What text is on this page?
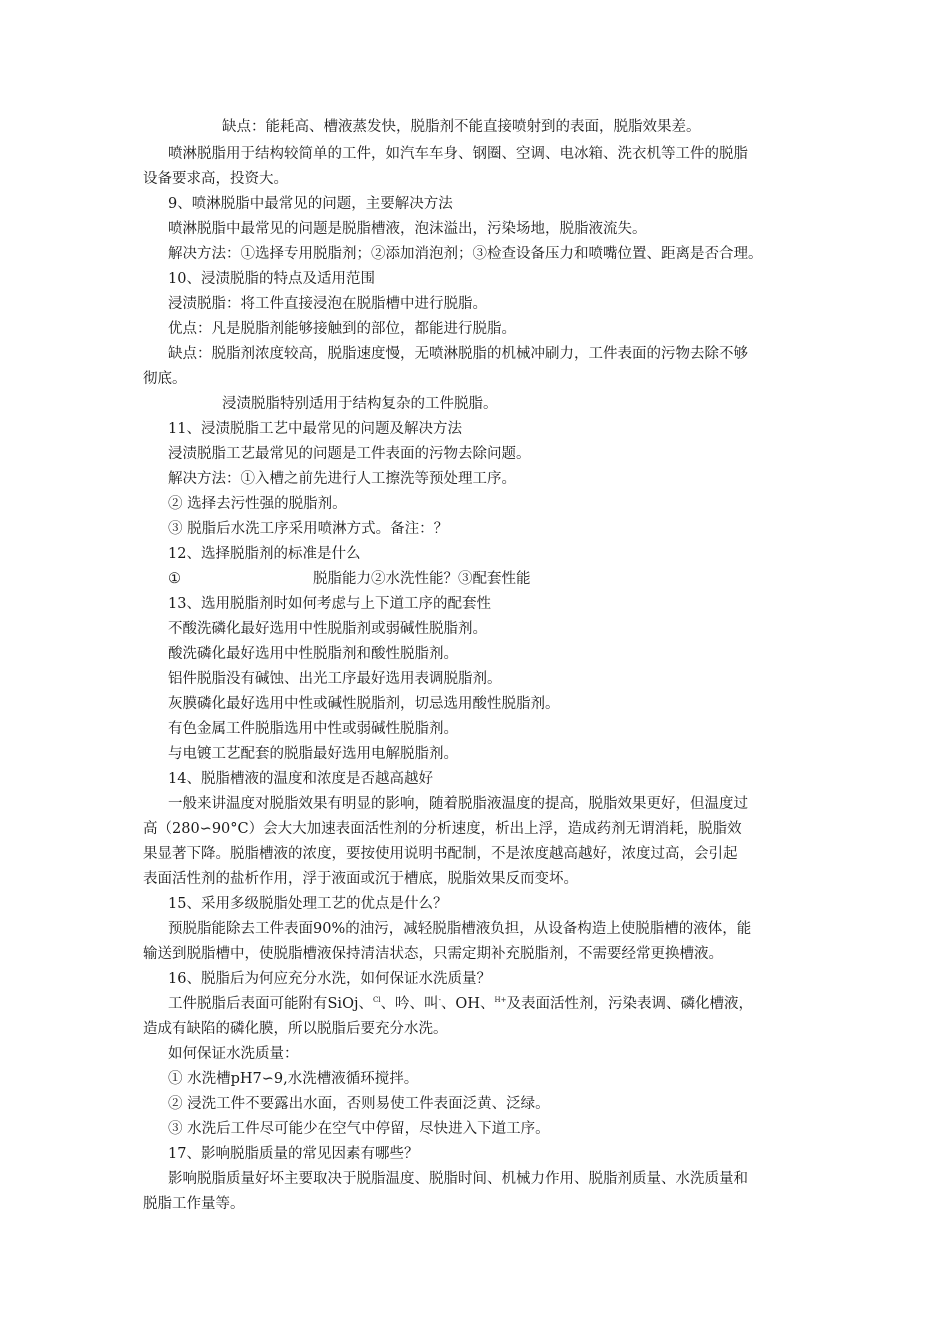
缺点：能耗高、槽液蒸发快，脱脂剂不能直接喷射到的表面，脱脂效果差。
喷淋脱脂用于结构较简单的工件，如汽车车身、钢圈、空调、电冰箱、洗衣机等工件的脱脂
设备要求高，投资大。
9、喷淋脱脂中最常见的问题，主要解决方法
喷淋脱脂中最常见的问题是脱脂槽液，泡沫溢出，污染场地，脱脂液流失。
解决方法：①选择专用脱脂剂；②添加消泡剂；③检查设备压力和喷嘴位置、距离是否合理。
10、浸渍脱脂的特点及适用范围
浸渍脱脂：将工件直接浸泡在脱脂槽中进行脱脂。
优点：凡是脱脂剂能够接触到的部位，都能进行脱脂。
缺点：脱脂剂浓度较高，脱脂速度慢，无喷淋脱脂的机械冲刷力，工件表面的污物去除不够
彻底。
浸渍脱脂特别适用于结构复杂的工件脱脂。
11、浸渍脱脂工艺中最常见的问题及解决方法
浸渍脱脂工艺最常见的问题是工件表面的污物去除问题。
解决方法：①入槽之前先进行人工擦洗等预处理工序。
② 选择去污性强的脱脂剂。
③ 脱脂后水洗工序采用喷淋方式。备注：？
12、选择脱脂剂的标准是什么
①	脱脂能力②水洗性能？③配套性能
13、选用脱脂剂时如何考虑与上下道工序的配套性
不酸洗磷化最好选用中性脱脂剂或弱碱性脱脂剂。
酸洗磷化最好选用中性脱脂剂和酸性脱脂剂。
铝件脱脂没有碱蚀、出光工序最好选用表调脱脂剂。
灰膜磷化最好选用中性或碱性脱脂剂，切忌选用酸性脱脂剂。
有色金属工件脱脂选用中性或弱碱性脱脂剂。
与电镀工艺配套的脱脂最好选用电解脱脂剂。
14、脱脂槽液的温度和浓度是否越高越好
一般来讲温度对脱脂效果有明显的影响，随着脱脂液温度的提高，脱脂效果更好，但温度过
高（280∽90°C）会大大加速表面活性剂的分析速度，析出上浮，造成药剂无谓消耗，脱脂效
果显著下降。脱脂槽液的浓度，要按使用说明书配制，不是浓度越高越好，浓度过高，会引起
表面活性剂的盐析作用，浮于液面或沉于槽底，脱脂效果反而变坏。
15、采用多级脱脂处理工艺的优点是什么？
预脱脂能除去工件表面90%的油污，减轻脱脂槽液负担，从设备构造上使脱脂槽的液体，能
输送到脱脂槽中，使脱脂槽液保持清洁状态，只需定期补充脱脂剂，不需要经常更换槽液。
16、脱脂后为何应充分水洗，如何保证水洗质量？
工件脱脂后表面可能附有SiOj、$^{Cl}$、吟、叫-、OH、$^{H+}$及表面活性剂，污染表调、磷化槽液，
造成有缺陷的磷化膜，所以脱脂后要充分水洗。
如何保证水洗质量：
① 水洗槽pH7∽9,水洗槽液循环搅拌。
② 浸洗工件不要露出水面，否则易使工件表面泛黄、泛绿。
③ 水洗后工件尽可能少在空气中停留，尽快进入下道工序。
17、影响脱脂质量的常见因素有哪些？
影响脱脂质量好坏主要取决于脱脂温度、脱脂时间、机械力作用、脱脂剂质量、水洗质量和
脱脂工作量等。
